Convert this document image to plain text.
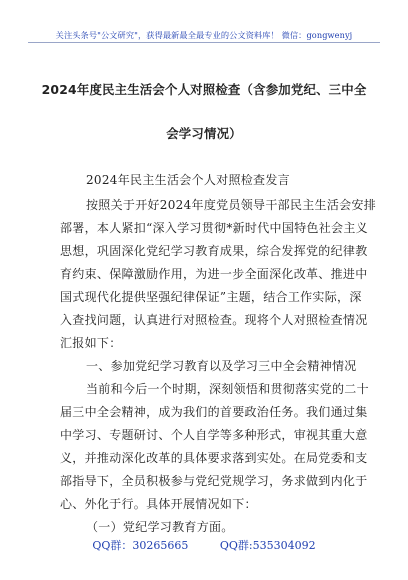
关注头条号"公文研究"，获得最新最全最专业的公文资料库！ 微信：gongwenyj
2024年度民主生活会个人对照检查（含参加党纪、三中全
会学习情况）
2024年民主生活会个人对照检查发言
按照关于开好2024年度党员领导干部民主生活会安排
部署，本人紧扣“深入学习贯彻*新时代中国特色社会主义
思想，巩固深化党纪学习教育成果，综合发挥党的纪律教
育约束、保障激励作用，为进一步全面深化改革、推进中
国式现代化提供坚强纪律保证”主题，结合工作实际，深
入查找问题，认真进行对照检查。现将个人对照检查情况
汇报如下：
一、参加党纪学习教育以及学习三中全会精神情况
当前和今后一个时期，深刻领悟和贯彻落实党的二十
届三中全会精神，成为我们的首要政治任务。我们通过集
中学习、专题研讨、个人自学等多种形式，审视其重大意
义，并推动深化改革的具体要求落到实处。在局党委和支
部指导下，全员积极参与党纪党规学习，务求做到内化于
心、外化于行。具体开展情况如下：
（一）党纪学习教育方面。
QQ群：30265665	QQ群:535304092
